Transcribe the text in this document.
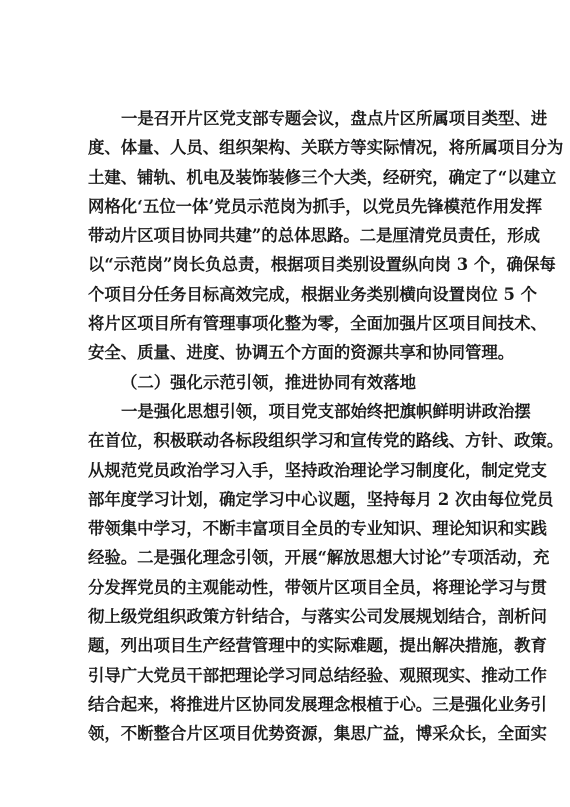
一是召开片区党支部专题会议，盘点片区所属项目类型、进
度、体量、人员、组织架构、关联方等实际情况，将所属项目分为
土建、铺轨、机电及装饰装修三个大类，经研究，确定了“以建立
网格化‘五位一体’党员示范岗为抓手，以党员先锋模范作用发挥
带动片区项目协同共建”的总体思路。二是厘清党员责任，形成
以“示范岗”岗长负总责，根据项目类别设置纵向岗 3 个，确保每
个项目分任务目标高效完成，根据业务类别横向设置岗位 5 个
将片区项目所有管理事项化整为零，全面加强片区项目间技术、
安全、质量、进度、协调五个方面的资源共享和协同管理。
（二）强化示范引领，推进协同有效落地
一是强化思想引领，项目党支部始终把旗帜鲜明讲政治摆
在首位，积极联动各标段组织学习和宣传党的路线、方针、政策。
从规范党员政治学习入手，坚持政治理论学习制度化，制定党支
部年度学习计划，确定学习中心议题，坚持每月 2 次由每位党员
带领集中学习，不断丰富项目全员的专业知识、理论知识和实践
经验。二是强化理念引领，开展“解放思想大讨论”专项活动，充
分发挥党员的主观能动性，带领片区项目全员，将理论学习与贯
彻上级党组织政策方针结合，与落实公司发展规划结合，剖析问
题，列出项目生产经营管理中的实际难题，提出解决措施，教育
引导广大党员干部把理论学习同总结经验、观照现实、推动工作
结合起来，将推进片区协同发展理念根植于心。三是强化业务引
领，不断整合片区项目优势资源，集思广益，博采众长，全面实
